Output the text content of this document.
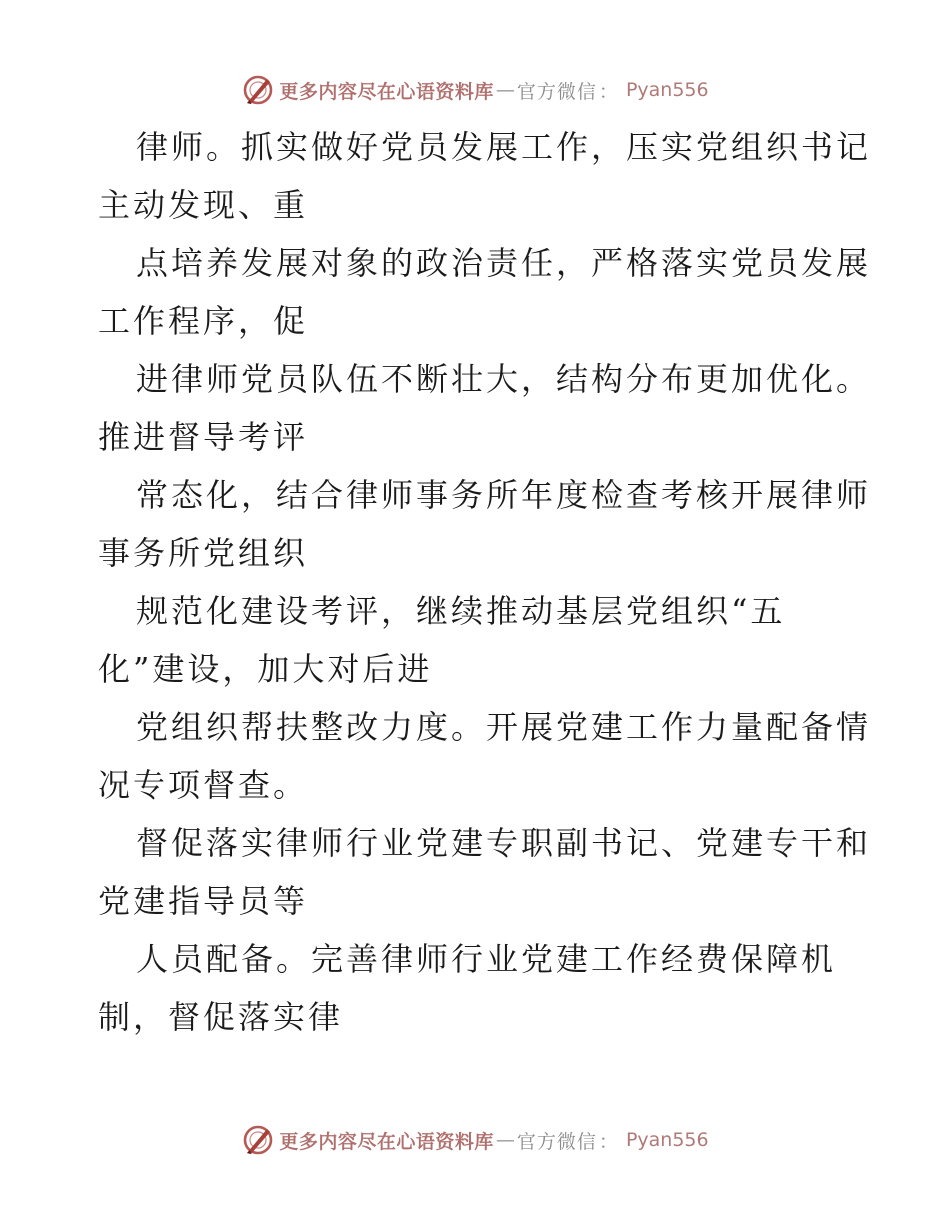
更多内容尽在心语资料库 — 官方微信 ： Pyan556
律师。抓实做好党员发展工作，压实党组织书记
主动发现、重
点培养发展对象的政治责任，严格落实党员发展
工作程序，促
进律师党员队伍不断壮大，结构分布更加优化。
推进督导考评
常态化，结合律师事务所年度检查考核开展律师
事务所党组织
规范化建设考评，继续推动基层党组织“五
化”建设，加大对后进
党组织帮扶整改力度。开展党建工作力量配备情
况专项督查。
督促落实律师行业党建专职副书记、党建专干和
党建指导员等
人员配备。完善律师行业党建工作经费保障机
制，督促落实律
更多内容尽在心语资料库 — 官方微信 ： Pyan556
